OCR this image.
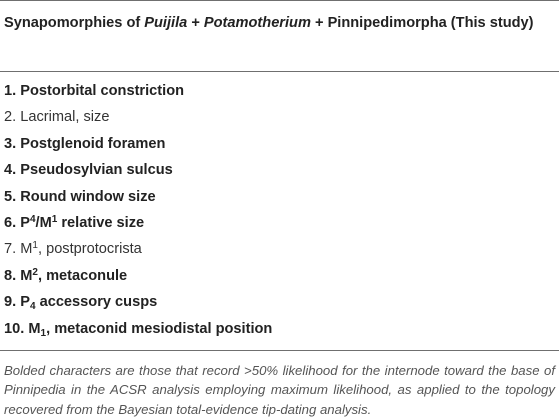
Synapomorphies of Puijila + Potamotherium + Pinnipedimorpha (This study)
1. Postorbital constriction
2. Lacrimal, size
3. Postglenoid foramen
4. Pseudosylvian sulcus
5. Round window size
6. $P^4/M^1$ relative size
7. $M^1$, postprotocrista
8. $M^2$, metaconule
9. $P_4$ accessory cusps
10. $M_1$, metaconid mesiodistal position
Bolded characters are those that record >50% likelihood for the internode toward the base of Pinnipedia in the ACSR analysis employing maximum likelihood, as applied to the topology recovered from the Bayesian total-evidence tip-dating analysis.
